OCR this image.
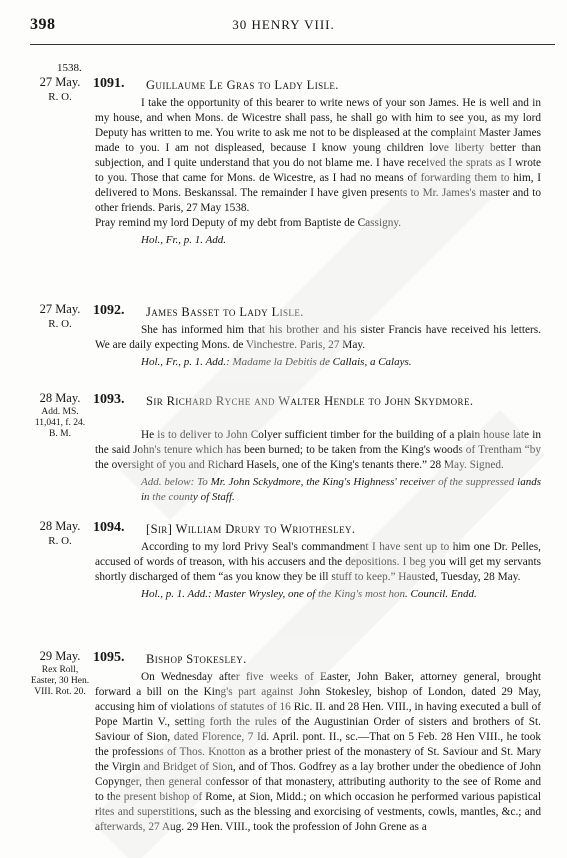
398	30 HENRY VIII.
1538.
27 May.
R. O.
1091. Guillaume Le Gras to Lady Lisle.

I take the opportunity of this bearer to write news of your son James. He is well and in my house, and when Mons. de Wicestre shall pass, he shall go with him to see you, as my lord Deputy has written to me. You write to ask me not to be displeased at the complaint Master James made to you. I am not displeased, because I know young children love liberty better than subjection, and I quite understand that you do not blame me. I have received the sprats as I wrote to you. Those that came for Mons. de Wicestre, as I had no means of forwarding them to him, I delivered to Mons. Beskanssal. The remainder I have given presents to Mr. James's master and to other friends. Paris, 27 May 1538.

Pray remind my lord Deputy of my debt from Baptiste de Cassigny.

Hol., Fr., p. 1. Add.
27 May.
R. O.
1092. James Basset to Lady Lisle.

She has informed him that his brother and his sister Francis have received his letters. We are daily expecting Mons. de Vinchestre. Paris, 27 May.

Hol., Fr., p. 1. Add.: Madame la Debitis de Callais, a Calays.
28 May.
Add. MS. 11,041, f. 24. B. M.
1093. Sir Richard Ryche and Walter Hendle to John Skydmore.

He is to deliver to John Colyer sufficient timber for the building of a plain house late in the said John's tenure which has been burned; to be taken from the King's woods of Trentham “by the oversight of you and Richard Hasels, one of the King's tenants there.” 28 May. Signed.

Add. below: To Mr. John Sckydmore, the King's Highness' receiver of the suppressed lands in the county of Staff.
28 May.
R. O.
1094. [Sir] William Drury to Wriothesley.

According to my lord Privy Seal's commandment I have sent up to him one Dr. Pelles, accused of words of treason, with his accusers and the depositions. I beg you will get my servants shortly discharged of them “as you know they be ill stuff to keep.” Hausted, Tuesday, 28 May.

Hol., p. 1. Add.: Master Wrysley, one of the King's most hon. Council. Endd.
29 May.
Rex Roll, Easter, 30 Hen. VIII. Rot. 20.
1095. Bishop Stokesley.

On Wednesday after five weeks of Easter, John Baker, attorney general, brought forward a bill on the King's part against John Stokesley, bishop of London, dated 29 May, accusing him of violations of statutes of 16 Ric. II. and 28 Hen. VIII., in having executed a bull of Pope Martin V., setting forth the rules of the Augustinian Order of sisters and brothers of St. Saviour of Sion, dated Florence, 7 Id. April. pont. II., sc.—That on 5 Feb. 28 Hen VIII., he took the professions of Thos. Knotton as a brother priest of the monastery of St. Saviour and St. Mary the Virgin and Bridget of Sion, and of Thos. Godfrey as a lay brother under the obedience of John Copynger, then general confessor of that monastery, attributing authority to the see of Rome and to the present bishop of Rome, at Sion, Midd.; on which occasion he performed various papistical rites and superstitions, such as the blessing and exorcising of vestments, cowls, mantles, &c.; and afterwards, 27 Aug. 29 Hen. VIII., took the profession of John Grene as a
